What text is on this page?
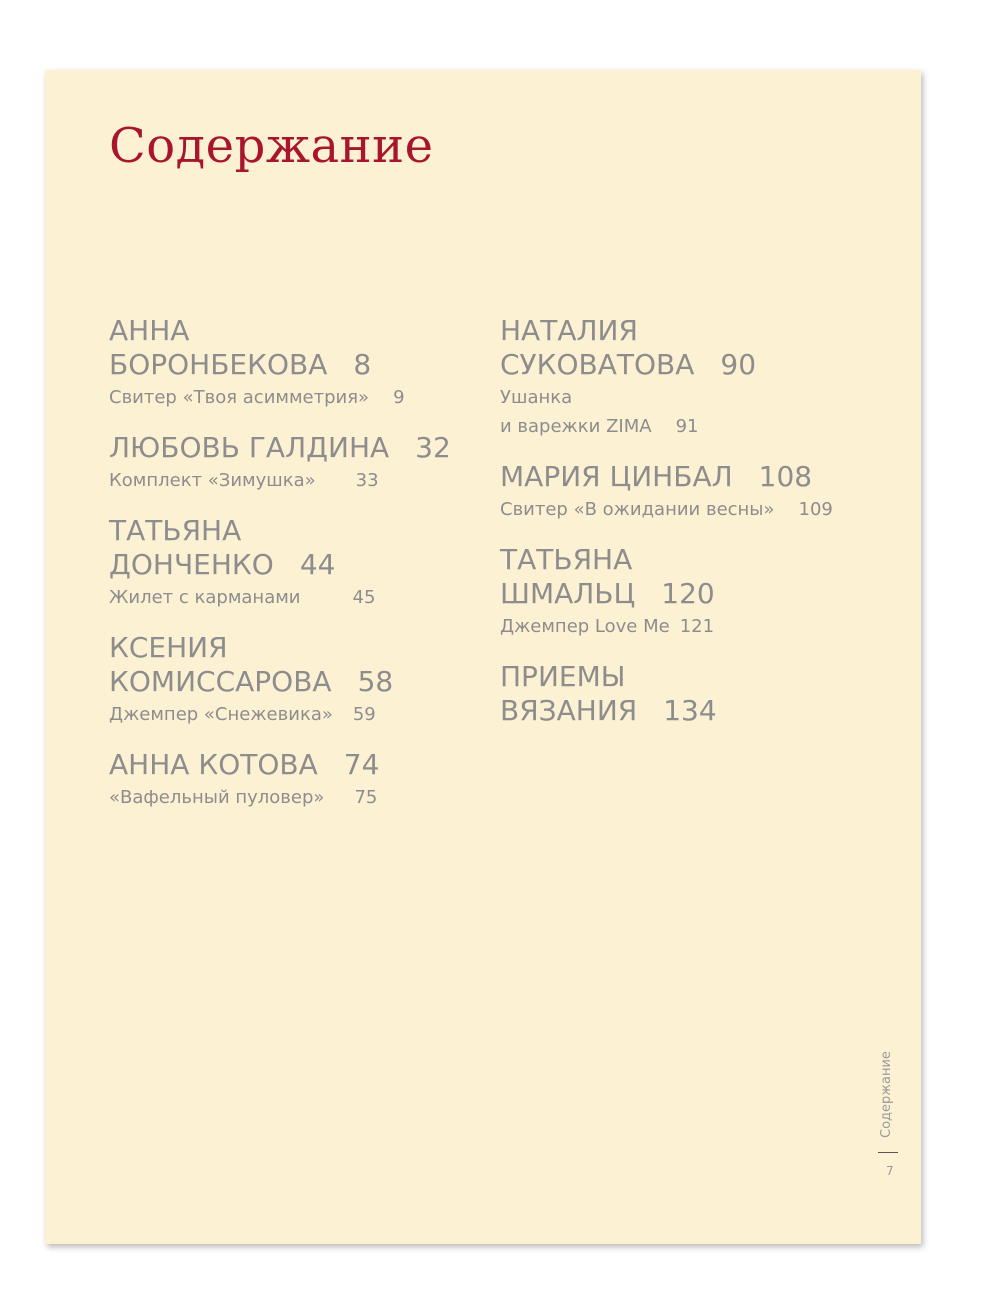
Содержание
АННА
БОРОНБЕКОВА 8
Свитер «Твоя асимметрия» 9
ЛЮБОВЬ ГАЛДИНА 32
Комплект «Зимушка» 33
ТАТЬЯНА
ДОНЧЕНКО 44
Жилет с карманами	45
КСЕНИЯ
КОМИССАРОВА 58
Джемпер «Снежевика» 59
АННА КОТОВА 74
«Вафельный пуловер» 75
НАТАЛИЯ
СУКОВАТОВА 90
Ушанка
и варежки ZIMA 91
МАРИЯ ЦИНБАЛ 108
Свитер «В ожидании весны» 109
ТАТЬЯНА
ШМАЛЬЦ 120
Джемпер Love Me 121
ПРИЕМЫ
ВЯЗАНИЯ 134
Содержание
7
